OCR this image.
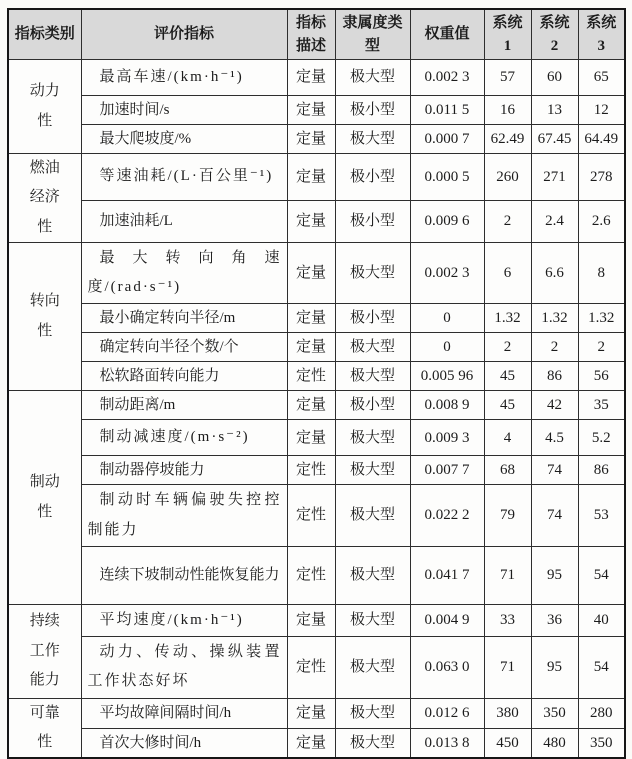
指标类别	评价指标	指标描述	隶属度类型	权重值	系统 1	系统 2	系统 3
动力性	最高车速/(km·h⁻¹)	定量	极大型	0.002 3	57	60	65
	加速时间/s	定量	极小型	0.011 5	16	13	12
	最大爬坡度/%	定量	极大型	0.000 7	62.49	67.45	64.49
燃油经济性	等速油耗/(L·百公里⁻¹)	定量	极小型	0.000 5	260	271	278
	加速油耗/L	定量	极小型	0.009 6	2	2.4	2.6
转向性	最大转向角速度/(rad·s⁻¹)	定量	极大型	0.002 3	6	6.6	8
	最小确定转向半径/m	定量	极小型	0	1.32	1.32	1.32
	确定转向半径个数/个	定量	极大型	0	2	2	2
	松软路面转向能力	定性	极大型	0.005 96	45	86	56
制动性	制动距离/m	定量	极小型	0.008 9	45	42	35
	制动减速度/(m·s⁻²)	定量	极大型	0.009 3	4	4.5	5.2
	制动器停坡能力	定性	极大型	0.007 7	68	74	86
	制动时车辆偏驶失控控制能力	定性	极大型	0.022 2	79	74	53
	连续下坡制动性能恢复能力	定性	极大型	0.041 7	71	95	54
持续工作能力	平均速度/(km·h⁻¹)	定量	极大型	0.004 9	33	36	40
	动力、传动、操纵装置工作状态好坏	定性	极大型	0.063 0	71	95	54
可靠性	平均故障间隔时间/h	定量	极大型	0.012 6	380	350	280
	首次大修时间/h	定量	极大型	0.013 8	450	480	350
